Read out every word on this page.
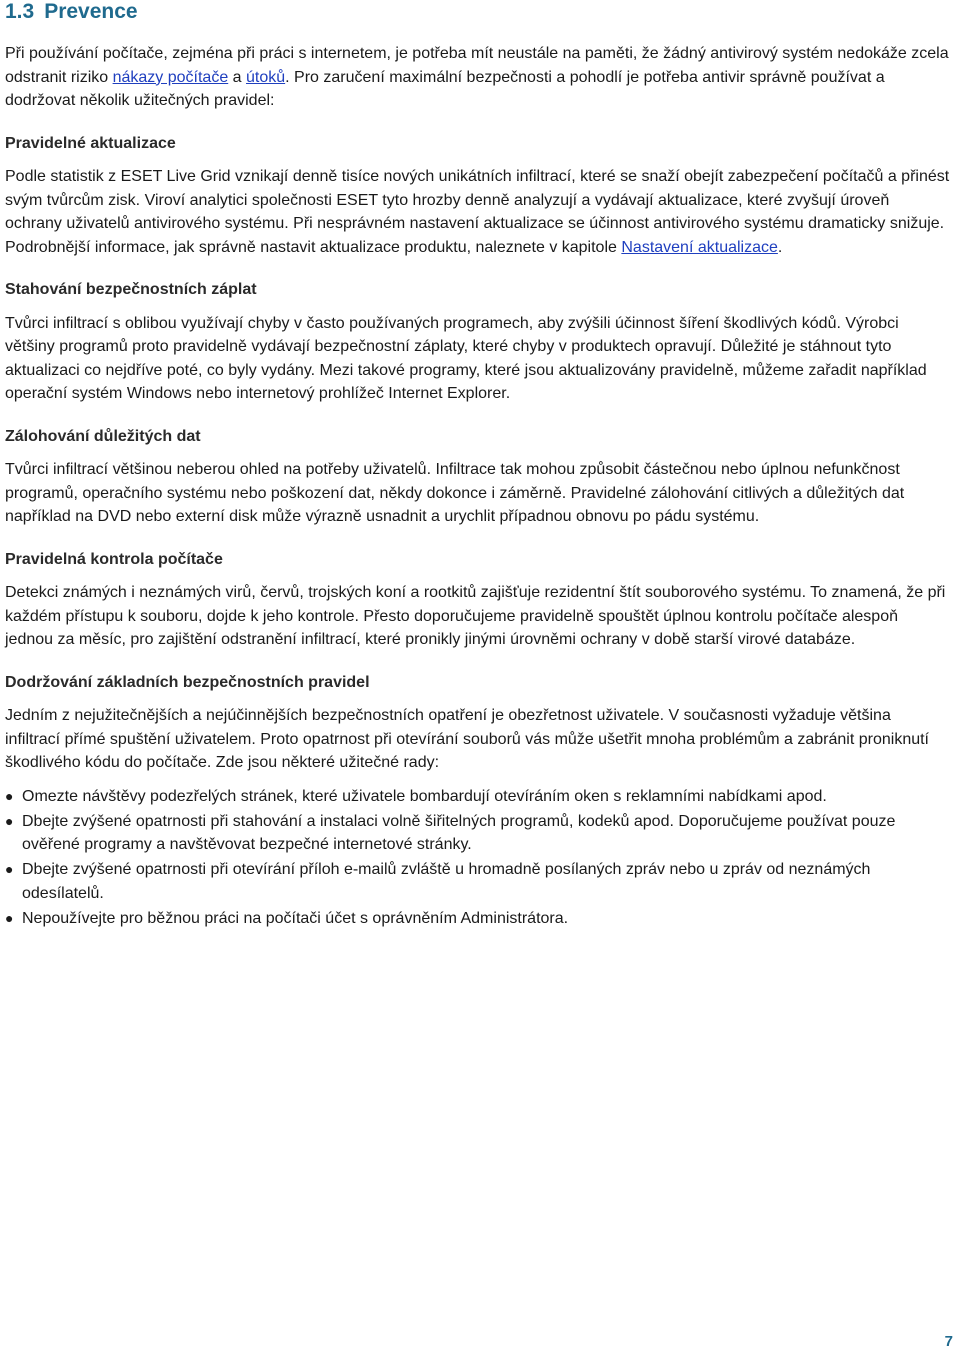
1.3 Prevence

Při používání počítače, zejména při práci s internetem, je potřeba mít neustále na paměti, že žádný antivirový systém nedokáže zcela odstranit riziko nákazy počítače a útoků. Pro zaručení maximální bezpečnosti a pohodlí je potřeba antivir správně používat a dodržovat několik užitečných pravidel:

Pravidelné aktualizace

Podle statistik z ESET Live Grid vznikají denně tisíce nových unikátních infiltrací, které se snaží obejít zabezpečení počítačů a přinést svým tvůrcům zisk. Viroví analytici společnosti ESET tyto hrozby denně analyzují a vydávají aktualizace, které zvyšují úroveň ochrany uživatelů antivirového systému. Při nesprávném nastavení aktualizace se účinnost antivirového systému dramaticky snižuje. Podrobnější informace, jak správně nastavit aktualizace produktu, naleznete v kapitole Nastavení aktualizace.

Stahování bezpečnostních záplat

Tvůrci infiltrací s oblibou využívají chyby v často používaných programech, aby zvýšili účinnost šíření škodlivých kódů. Výrobci většiny programů proto pravidelně vydávají bezpečnostní záplaty, které chyby v produktech opravují. Důležité je stáhnout tyto aktualizaci co nejdříve poté, co byly vydány. Mezi takové programy, které jsou aktualizovány pravidelně, můžeme zařadit například operační systém Windows nebo internetový prohlížeč Internet Explorer.

Zálohování důležitých dat

Tvůrci infiltrací většinou neberou ohled na potřeby uživatelů. Infiltrace tak mohou způsobit částečnou nebo úplnou nefunkčnost programů, operačního systému nebo poškození dat, někdy dokonce i záměrně. Pravidelné zálohování citlivých a důležitých dat například na DVD nebo externí disk může výrazně usnadnit a urychlit případnou obnovu po pádu systému.

Pravidelná kontrola počítače

Detekci známých i neznámých virů, červů, trojských koní a rootkitů zajišťuje rezidentní štít souborového systému. To znamená, že při každém přístupu k souboru, dojde k jeho kontrole. Přesto doporučujeme pravidelně spouštět úplnou kontrolu počítače alespoň jednou za měsíc, pro zajištění odstranění infiltrací, které pronikly jinými úrovněmi ochrany v době starší virové databáze.

Dodržování základních bezpečnostních pravidel

Jedním z nejužitečnějších a nejúčinnějších bezpečnostních opatření je obezřetnost uživatele. V současnosti vyžaduje většina infiltrací přímé spuštění uživatelem. Proto opatrnost při otevírání souborů vás může ušetřit mnoha problémům a zabránit proniknutí škodlivého kódu do počítače. Zde jsou některé užitečné rady:

● Omezte návštěvy podezřelých stránek, které uživatele bombardují otevíráním oken s reklamními nabídkami apod.
● Dbejte zvýšené opatrnosti při stahování a instalaci volně šiřitelných programů, kodeků apod. Doporučujeme používat pouze ověřené programy a navštěvovat bezpečné internetové stránky.
● Dbejte zvýšené opatrnosti při otevírání příloh e-mailů zvláště u hromadně posílaných zpráv nebo u zpráv od neznámých odesílatelů.
● Nepoužívejte pro běžnou práci na počítači účet s oprávněním Administrátora.
7
